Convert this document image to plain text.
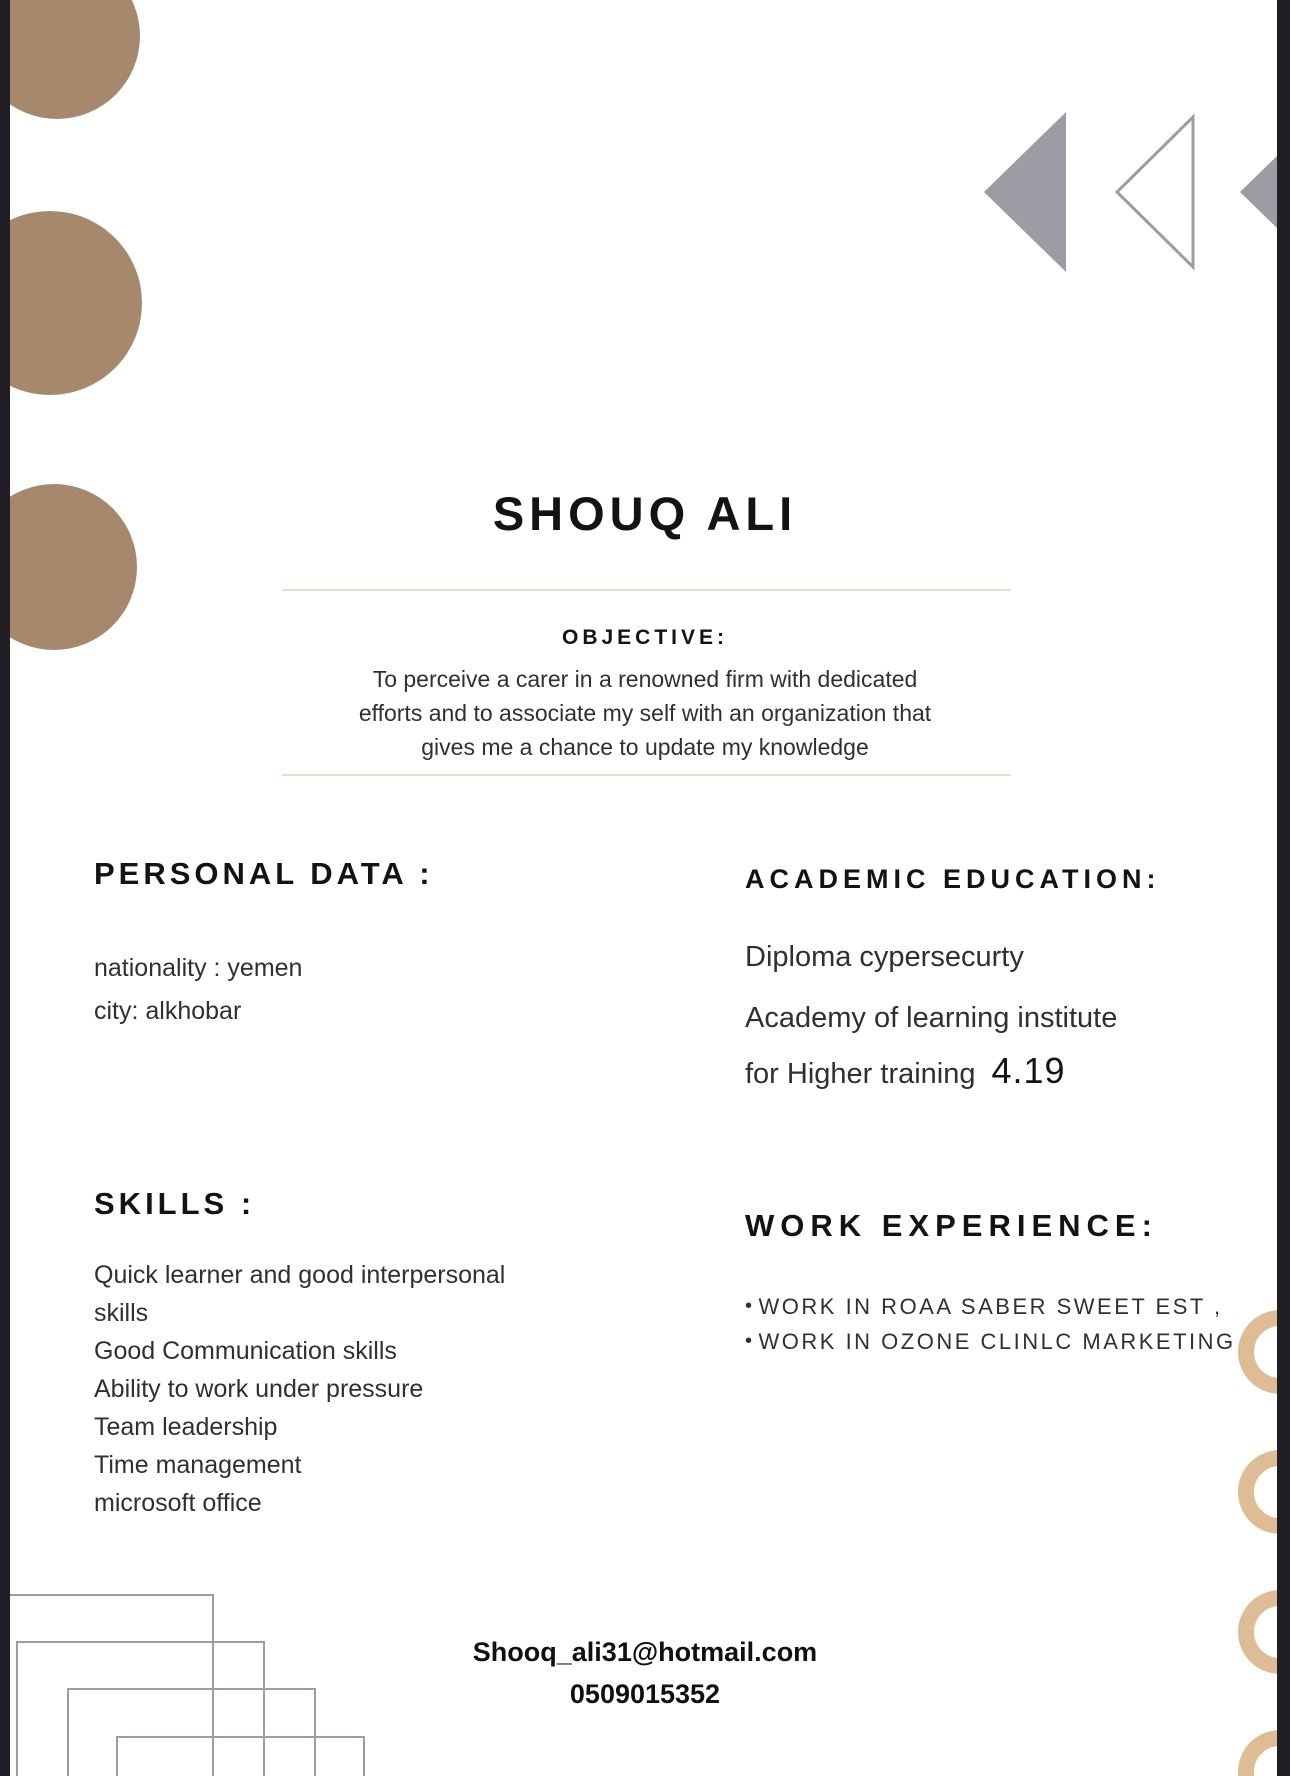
SHOUQ ALI
OBJECTIVE:
To perceive a carer in a renowned firm with dedicated
efforts and to associate my self with an organization that
gives me a chance to update my knowledge
PERSONAL DATA :
nationality : yemen
city: alkhobar
ACADEMIC EDUCATION:
Diploma cypersecurty
Academy of learning institute
for Higher training 4.19
SKILLS :
Quick learner and good interpersonal
skills
Good Communication skills
Ability to work under pressure
Team leadership
Time management
microsoft office
WORK EXPERIENCE:
• WORK IN ROAA SABER SWEET EST ,
• WORK IN OZONE CLINLC MARKETING
Shooq_ali31@hotmail.com
0509015352
